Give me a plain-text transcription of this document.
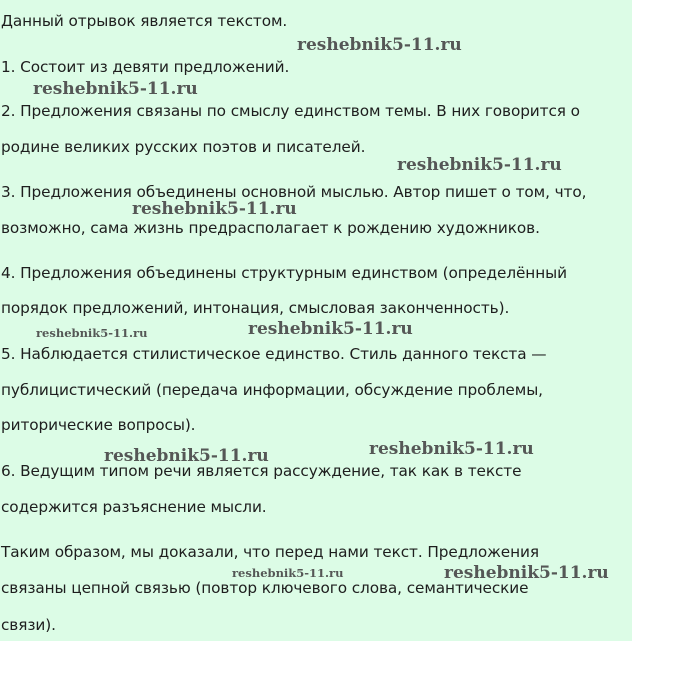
Данный отрывок является текстом.
1. Состоит из девяти предложений.
2. Предложения связаны по смыслу единством темы. В них говорится о
родине великих русских поэтов и писателей.
3. Предложения объединены основной мыслью. Автор пишет о том, что,
возможно, сама жизнь предрасполагает к рождению художников.
4. Предложения объединены структурным единством (определённый
порядок предложений, интонация, смысловая законченность).
5. Наблюдается стилистическое единство. Стиль данного текста —
публицистический (передача информации, обсуждение проблемы,
риторические вопросы).
6. Ведущим типом речи является рассуждение, так как в тексте
содержится разъяснение мысли.
Таким образом, мы доказали, что перед нами текст. Предложения
связаны цепной связью (повтор ключевого слова, семантические
связи).
reshebnik5-11.ru
reshebnik5-11.ru
reshebnik5-11.ru
reshebnik5-11.ru
reshebnik5-11.ru	reshebnik5-11.ru
reshebnik5-11.ru
reshebnik5-11.ru
reshebnik5-11.ru	reshebnik5-11.ru
